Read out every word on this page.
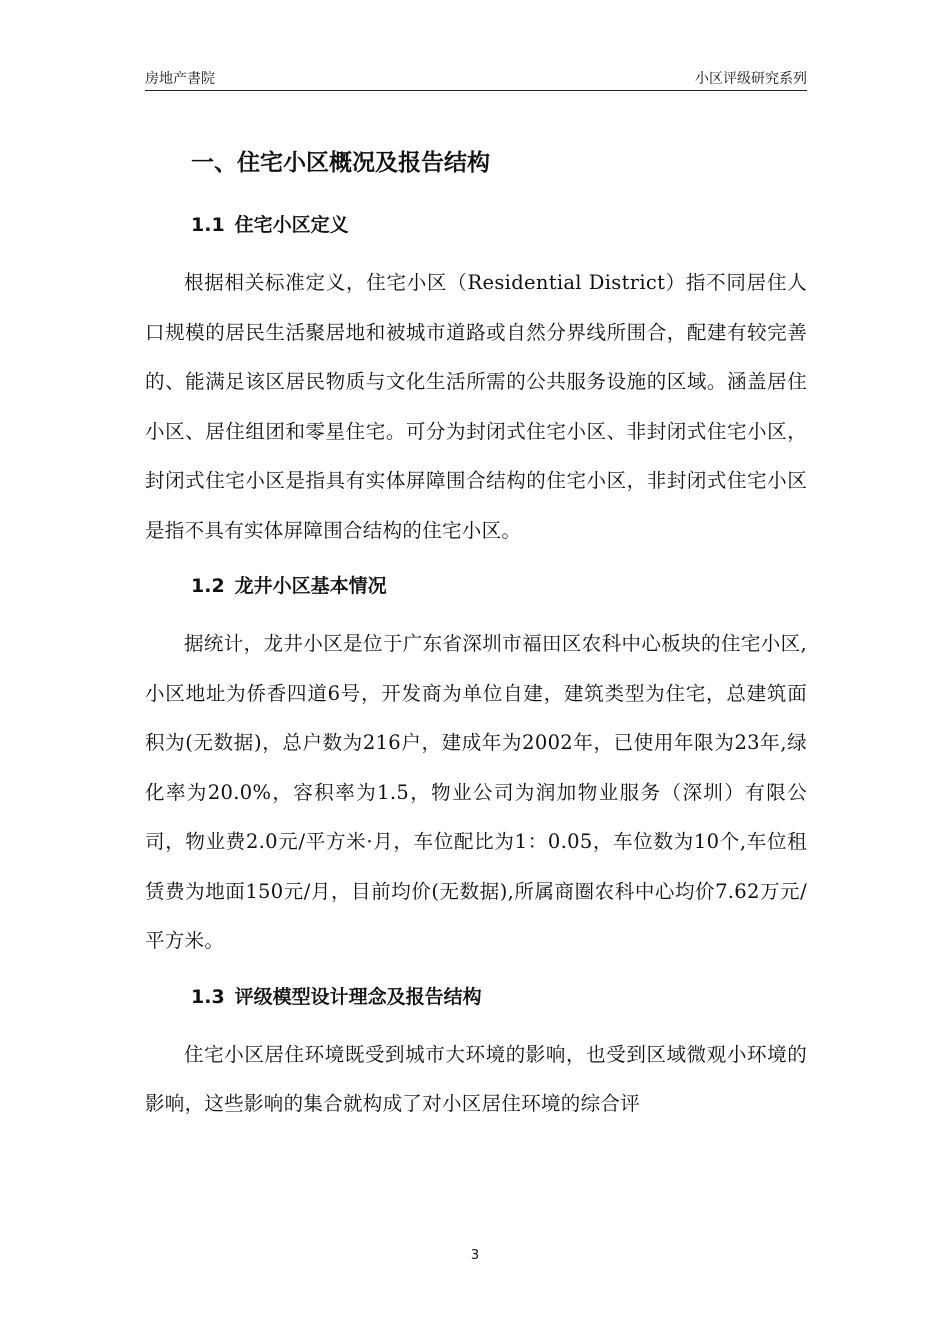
房地产書院	小区评级研究系列
一、住宅小区概况及报告结构
1.1 住宅小区定义

根据相关标准定义，住宅小区（Residential District）指不同居住人口规模的居民生活聚居地和被城市道路或自然分界线所围合，配建有较完善的、能满足该区居民物质与文化生活所需的公共服务设施的区域。涵盖居住小区、居住组团和零星住宅。可分为封闭式住宅小区、非封闭式住宅小区，封闭式住宅小区是指具有实体屏障围合结构的住宅小区，非封闭式住宅小区是指不具有实体屏障围合结构的住宅小区。

1.2 龙井小区基本情况

据统计，龙井小区是位于广东省深圳市福田区农科中心板块的住宅小区,小区地址为侨香四道6号，开发商为单位自建，建筑类型为住宅，总建筑面积为(无数据)，总户数为216户，建成年为2002年，已使用年限为23年,绿化率为20.0%，容积率为1.5，物业公司为润加物业服务（深圳）有限公司，物业费2.0元/平方米·月，车位配比为1：0.05，车位数为10个,车位租赁费为地面150元/月，目前均价(无数据),所属商圈农科中心均价7.62万元/平方米。

1.3 评级模型设计理念及报告结构

住宅小区居住环境既受到城市大环境的影响，也受到区域微观小环境的影响，这些影响的集合就构成了对小区居住环境的综合评

3
